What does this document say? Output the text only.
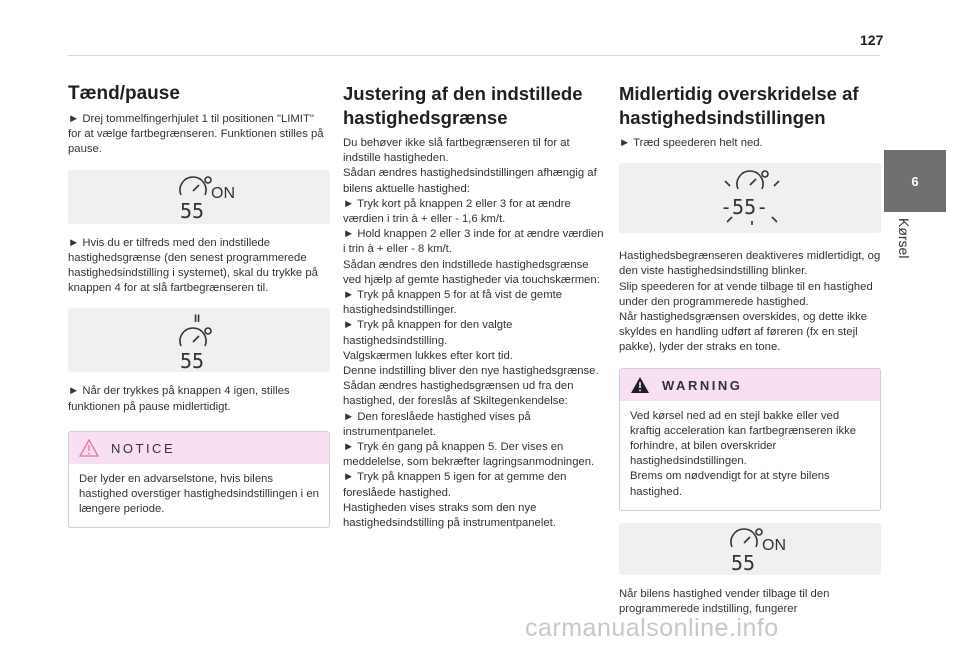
127
6
Kørsel
Tænd/pause

► Drej tommelfingerhjulet 1 til positionen "LIMIT" for at vælge fartbegrænseren. Funktionen stilles på pause.

ON
55

► Hvis du er tilfreds med den indstillede hastighedsgrænse (den senest programmerede hastighedsindstilling i systemet), skal du trykke på knappen 4 for at slå fartbegrænseren til.

II
55

► Når der trykkes på knappen 4 igen, stilles funktionen på pause midlertidigt.

NOTICE
Der lyder en advarselstone, hvis bilens hastighed overstiger hastighedsindstillingen i en længere periode.
Justering af den indstillede
hastighedsgrænse

Du behøver ikke slå fartbegrænseren til for at indstille hastigheden.
Sådan ændres hastighedsindstillingen afhængig af bilens aktuelle hastighed:
► Tryk kort på knappen 2 eller 3 for at ændre værdien i trin à + eller - 1,6 km/t.
► Hold knappen 2 eller 3 inde for at ændre værdien i trin à + eller - 8 km/t.
Sådan ændres den indstillede hastighedsgrænse ved hjælp af gemte hastigheder via touchskærmen:
► Tryk på knappen 5 for at få vist de gemte hastighedsindstillinger.
► Tryk på knappen for den valgte hastighedsindstilling.
Valgskærmen lukkes efter kort tid.
Denne indstilling bliver den nye hastighedsgrænse.
Sådan ændres hastighedsgrænsen ud fra den hastighed, der foreslås af Skiltegenkendelse:
► Den foreslåede hastighed vises på instrumentpanelet.
► Tryk én gang på knappen 5. Der vises en meddelelse, som bekræfter lagringsanmodningen.
► Tryk på knappen 5 igen for at gemme den foreslåede hastighed.
Hastigheden vises straks som den nye hastighedsindstilling på instrumentpanelet.

Midlertidig overskridelse af
hastighedsindstillingen

► Træd speederen helt ned.

-55-

Hastighedsbegrænseren deaktiveres midlertidigt, og den viste hastighedsindstilling blinker.
Slip speederen for at vende tilbage til en hastighed under den programmerede hastighed.
Når hastighedsgrænsen overskides, og dette ikke skyldes en handling udført af føreren (fx en stejl pakke), lyder der straks en tone.

WARNING
Ved kørsel ned ad en stejl bakke eller ved kraftig acceleration kan fartbegrænseren ikke forhindre, at bilen overskrider hastighedsindstillingen.
Brems om nødvendigt for at styre bilens hastighed.
ON
55

Når bilens hastighed vender tilbage til den programmerede indstilling, fungerer

carmanualsonline.info
